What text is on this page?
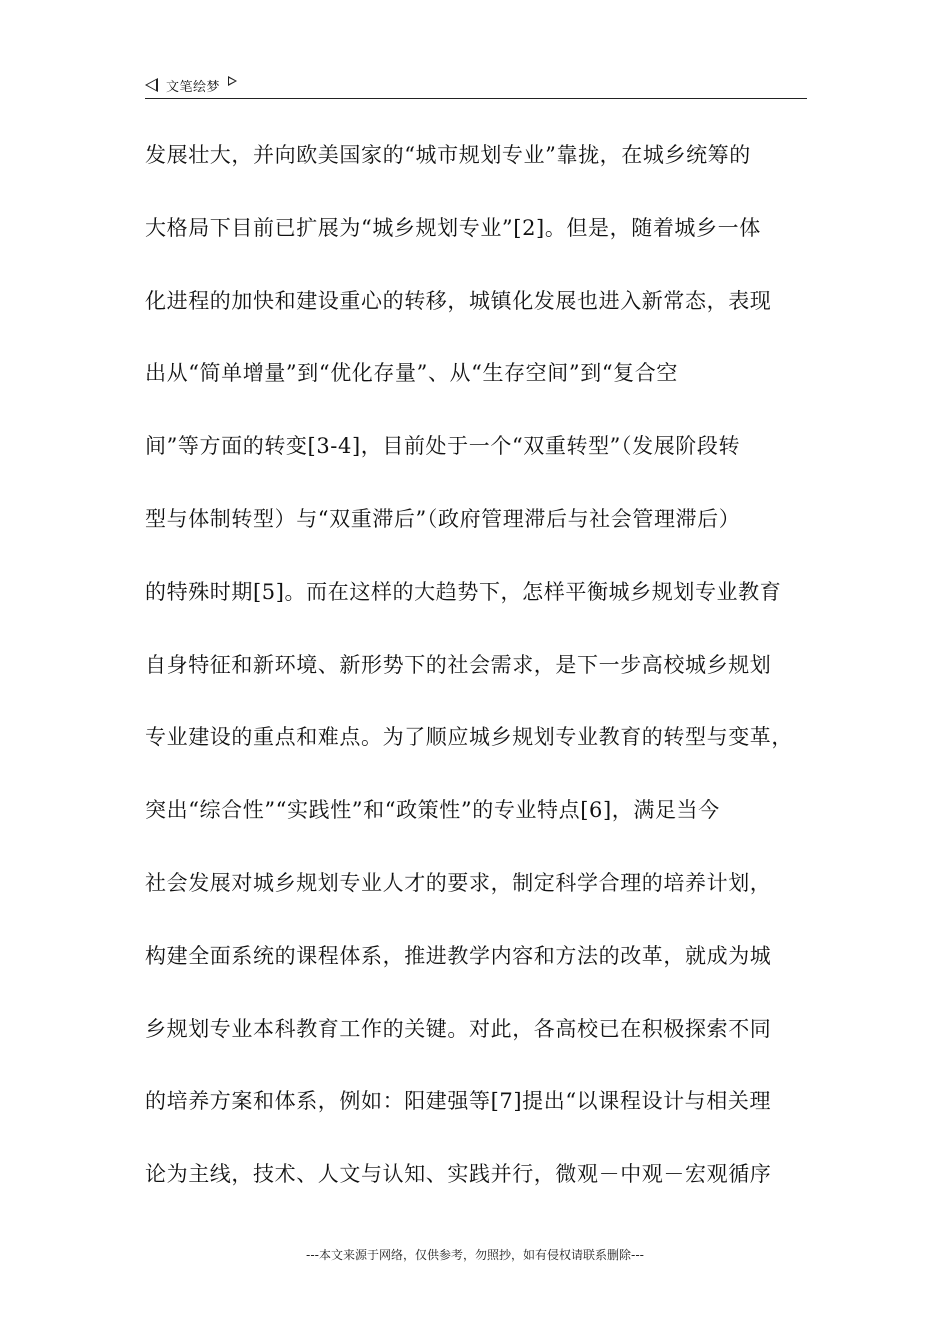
文笔绘梦
发展壮大，并向欧美国家的“城市规划专业”靠拢，在城乡统筹的
大格局下目前已扩展为“城乡规划专业”[2]。但是，随着城乡一体
化进程的加快和建设重心的转移，城镇化发展也进入新常态，表现
出从“简单增量”到“优化存量”、从“生存空间”到“复合空
间”等方面的转变[3-4]，目前处于一个“双重转型”（发展阶段转
型与体制转型）与“双重滞后”（政府管理滞后与社会管理滞后）
的特殊时期[5]。而在这样的大趋势下，怎样平衡城乡规划专业教育
自身特征和新环境、新形势下的社会需求，是下一步高校城乡规划
专业建设的重点和难点。为了顺应城乡规划专业教育的转型与变革，
突出“综合性”“实践性”和“政策性”的专业特点[6]，满足当今
社会发展对城乡规划专业人才的要求，制定科学合理的培养计划，
构建全面系统的课程体系，推进教学内容和方法的改革，就成为城
乡规划专业本科教育工作的关键。对此，各高校已在积极探索不同
的培养方案和体系，例如：阳建强等[7]提出“以课程设计与相关理
论为主线，技术、人文与认知、实践并行，微观－中观－宏观循序
---本文来源于网络，仅供参考，勿照抄，如有侵权请联系删除---
